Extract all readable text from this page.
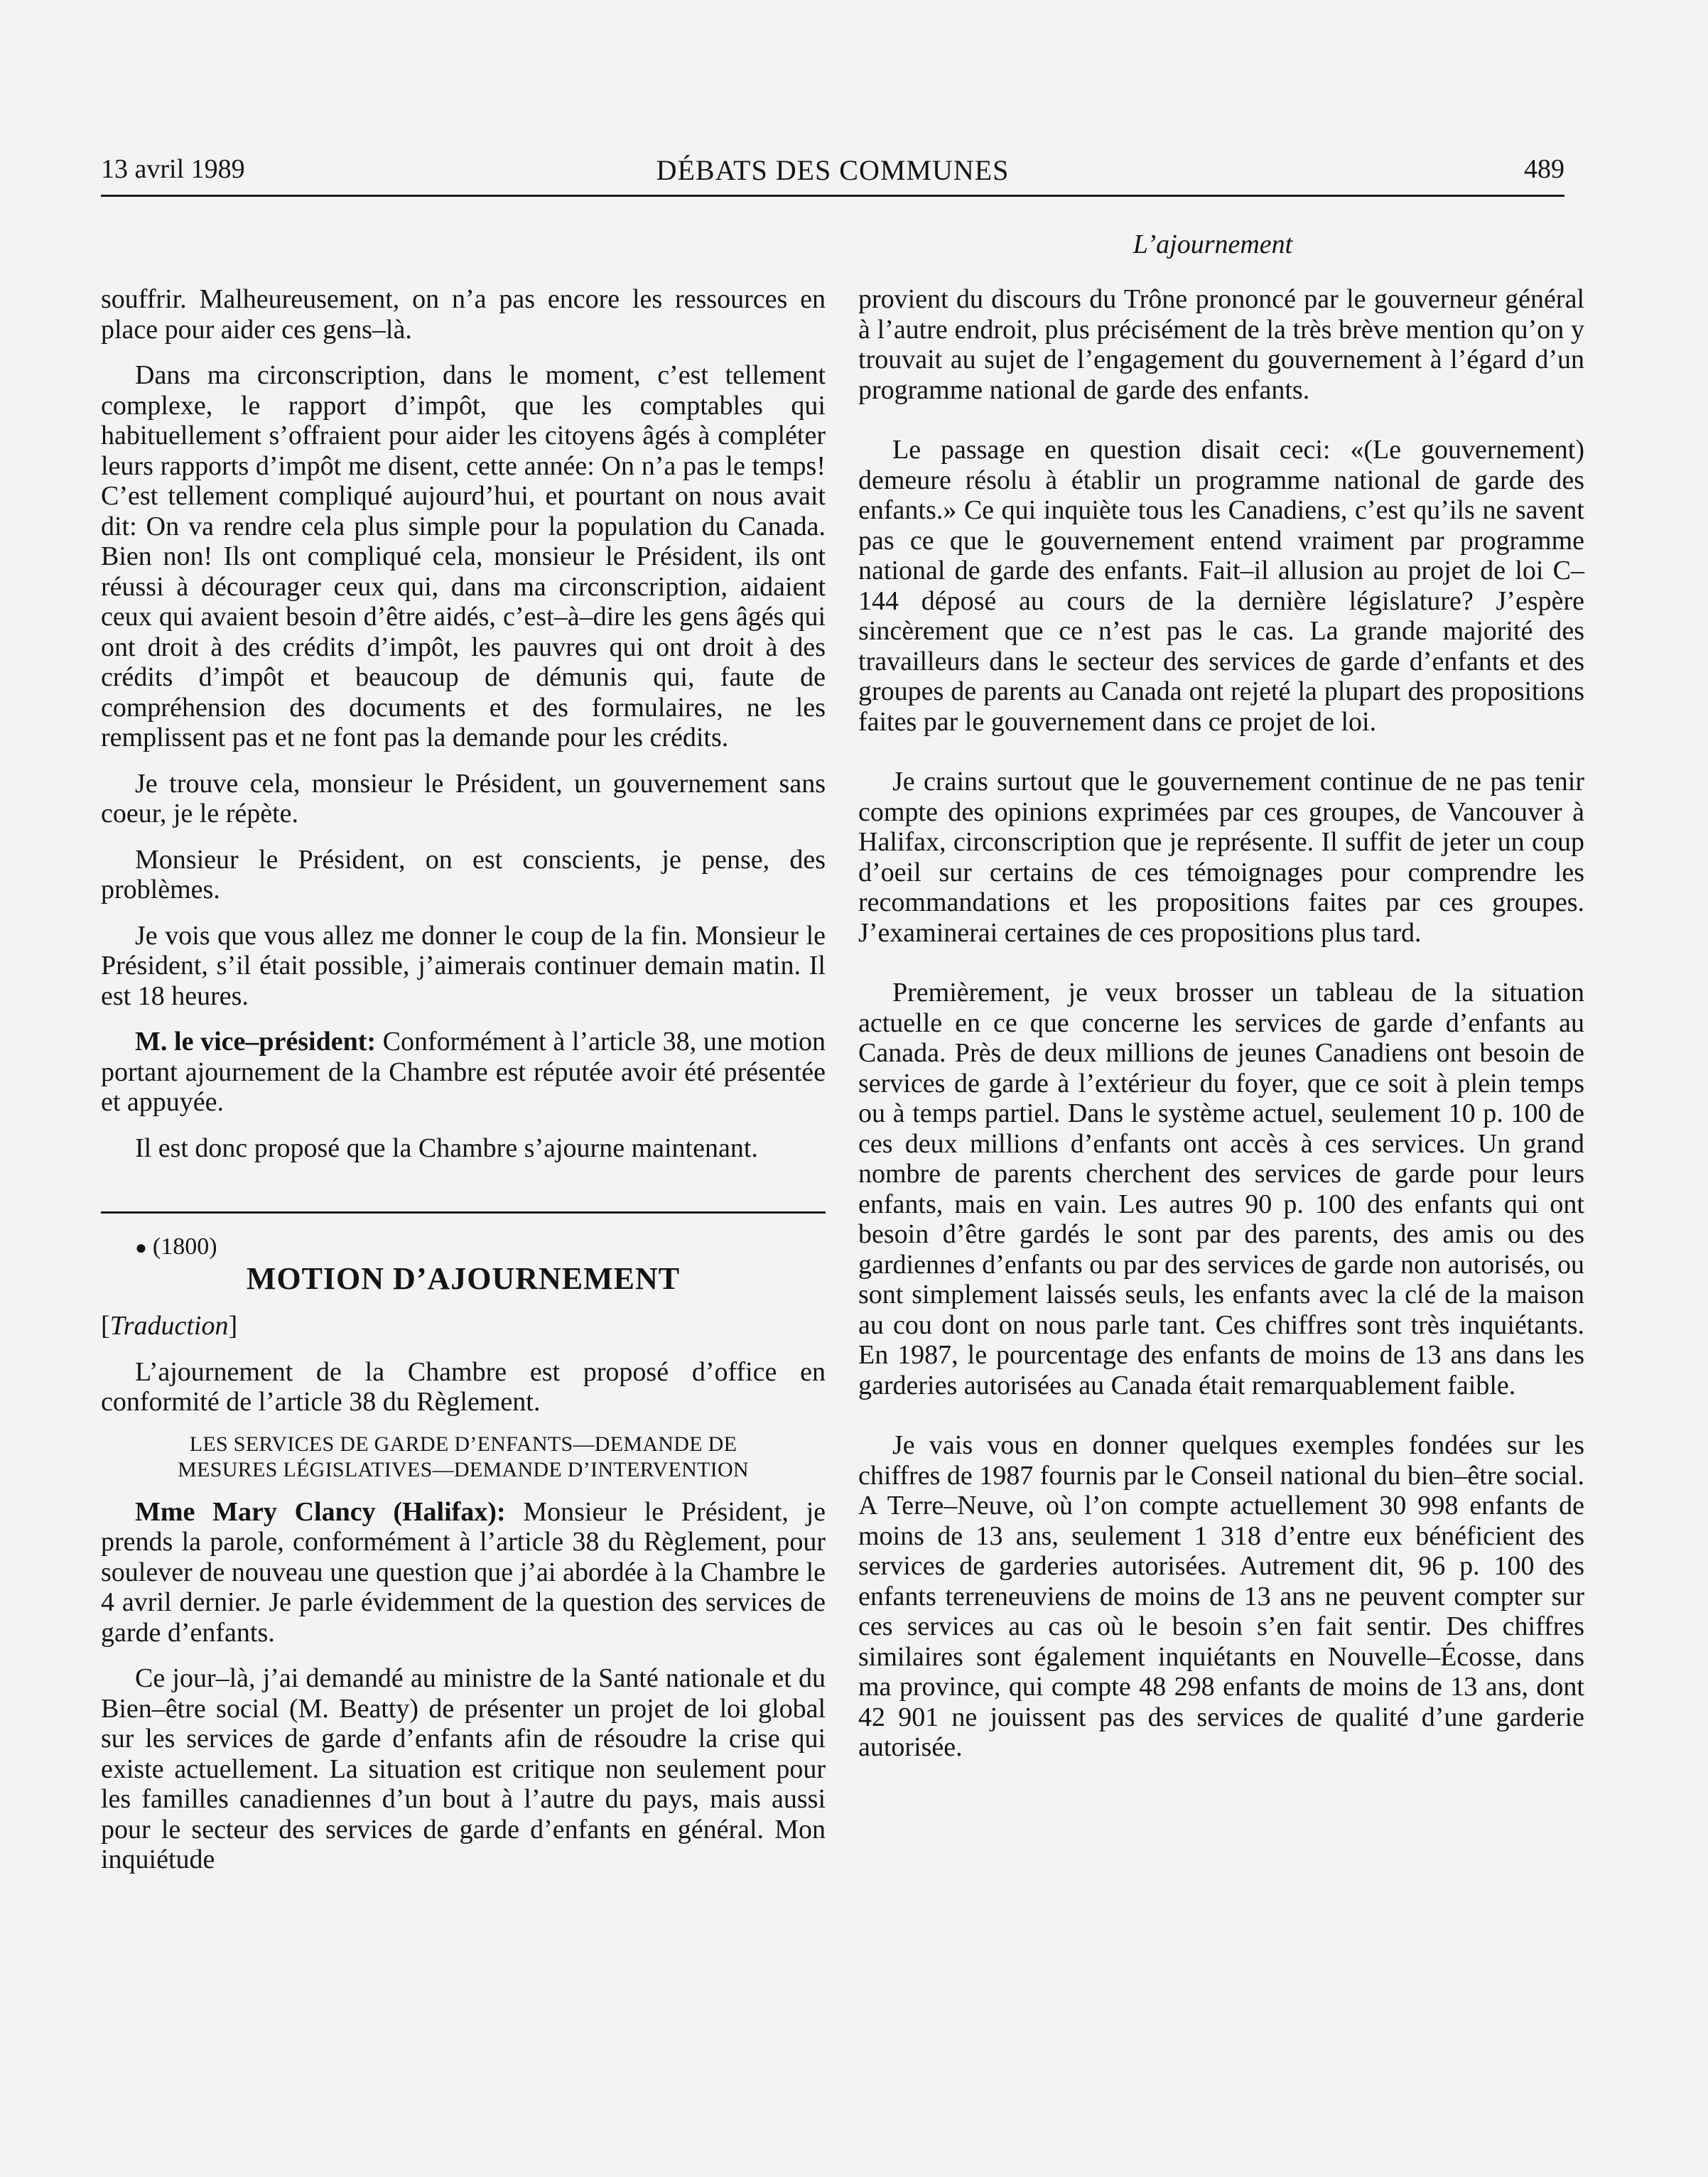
13 avril 1989	DÉBATS DES COMMUNES	489
L’ajournement

souffrir. Malheureusement, on n’a pas encore les ressources en place pour aider ces gens–là.

Dans ma circonscription, dans le moment, c’est tellement complexe, le rapport d’impôt, que les comptables qui habituellement s’offraient pour aider les citoyens âgés à compléter leurs rapports d’impôt me disent, cette année: On n’a pas le temps! C’est tellement compliqué aujourd’hui, et pourtant on nous avait dit: On va rendre cela plus simple pour la population du Canada. Bien non! Ils ont compliqué cela, monsieur le Président, ils ont réussi à décourager ceux qui, dans ma circonscription, aidaient ceux qui avaient besoin d’être aidés, c’est–à–dire les gens âgés qui ont droit à des crédits d’impôt, les pauvres qui ont droit à des crédits d’impôt et beaucoup de démunis qui, faute de compréhension des documents et des formulaires, ne les remplissent pas et ne font pas la demande pour les crédits.

Je trouve cela, monsieur le Président, un gouvernement sans coeur, je le répète.

Monsieur le Président, on est conscients, je pense, des problèmes.

Je vois que vous allez me donner le coup de la fin. Monsieur le Président, s’il était possible, j’aimerais continuer demain matin. Il est 18 heures.

M. le vice–président: Conformément à l’article 38, une motion portant ajournement de la Chambre est réputée avoir été présentée et appuyée.

Il est donc proposé que la Chambre s’ajourne maintenant.

● (1800)

MOTION D’AJOURNEMENT

[Traduction]

L’ajournement de la Chambre est proposé d’office en conformité de l’article 38 du Règlement.

LES SERVICES DE GARDE D’ENFANTS—DEMANDE DE
MESURES LÉGISLATIVES—DEMANDE D’INTERVENTION

Mme Mary Clancy (Halifax): Monsieur le Président, je prends la parole, conformément à l’article 38 du Règlement, pour soulever de nouveau une question que j’ai abordée à la Chambre le 4 avril dernier. Je parle évidemment de la question des services de garde d’enfants.

Ce jour–là, j’ai demandé au ministre de la Santé nationale et du Bien–être social (M. Beatty) de présenter un projet de loi global sur les services de garde d’enfants afin de résoudre la crise qui existe actuellement. La situation est critique non seulement pour les familles canadiennes d’un bout à l’autre du pays, mais aussi pour le secteur des services de garde d’enfants en général. Mon inquiétude

provient du discours du Trône prononcé par le gouverneur général à l’autre endroit, plus précisément de la très brève mention qu’on y trouvait au sujet de l’engagement du gouvernement à l’égard d’un programme national de garde des enfants.

Le passage en question disait ceci: «(Le gouvernement) demeure résolu à établir un programme national de garde des enfants.» Ce qui inquiète tous les Canadiens, c’est qu’ils ne savent pas ce que le gouvernement entend vraiment par programme national de garde des enfants. Fait–il allusion au projet de loi C–144 déposé au cours de la dernière législature? J’espère sincèrement que ce n’est pas le cas. La grande majorité des travailleurs dans le secteur des services de garde d’enfants et des groupes de parents au Canada ont rejeté la plupart des propositions faites par le gouvernement dans ce projet de loi.

Je crains surtout que le gouvernement continue de ne pas tenir compte des opinions exprimées par ces groupes, de Vancouver à Halifax, circonscription que je représente. Il suffit de jeter un coup d’oeil sur certains de ces témoignages pour comprendre les recommandations et les propositions faites par ces groupes. J’examinerai certaines de ces propositions plus tard.

Premièrement, je veux brosser un tableau de la situation actuelle en ce que concerne les services de garde d’enfants au Canada. Près de deux millions de jeunes Canadiens ont besoin de services de garde à l’extérieur du foyer, que ce soit à plein temps ou à temps partiel. Dans le système actuel, seulement 10 p. 100 de ces deux millions d’enfants ont accès à ces services. Un grand nombre de parents cherchent des services de garde pour leurs enfants, mais en vain. Les autres 90 p. 100 des enfants qui ont besoin d’être gardés le sont par des parents, des amis ou des gardiennes d’enfants ou par des services de garde non autorisés, ou sont simplement laissés seuls, les enfants avec la clé de la maison au cou dont on nous parle tant. Ces chiffres sont très inquiétants. En 1987, le pourcentage des enfants de moins de 13 ans dans les garderies autorisées au Canada était remarquablement faible.

Je vais vous en donner quelques exemples fondées sur les chiffres de 1987 fournis par le Conseil national du bien–être social. A Terre–Neuve, où l’on compte actuellement 30 998 enfants de moins de 13 ans, seulement 1 318 d’entre eux bénéficient des services de garderies autorisées. Autrement dit, 96 p. 100 des enfants terreneuviens de moins de 13 ans ne peuvent compter sur ces services au cas où le besoin s’en fait sentir. Des chiffres similaires sont également inquiétants en Nouvelle–Écosse, dans ma province, qui compte 48 298 enfants de moins de 13 ans, dont 42 901 ne jouissent pas des services de qualité d’une garderie autorisée.
